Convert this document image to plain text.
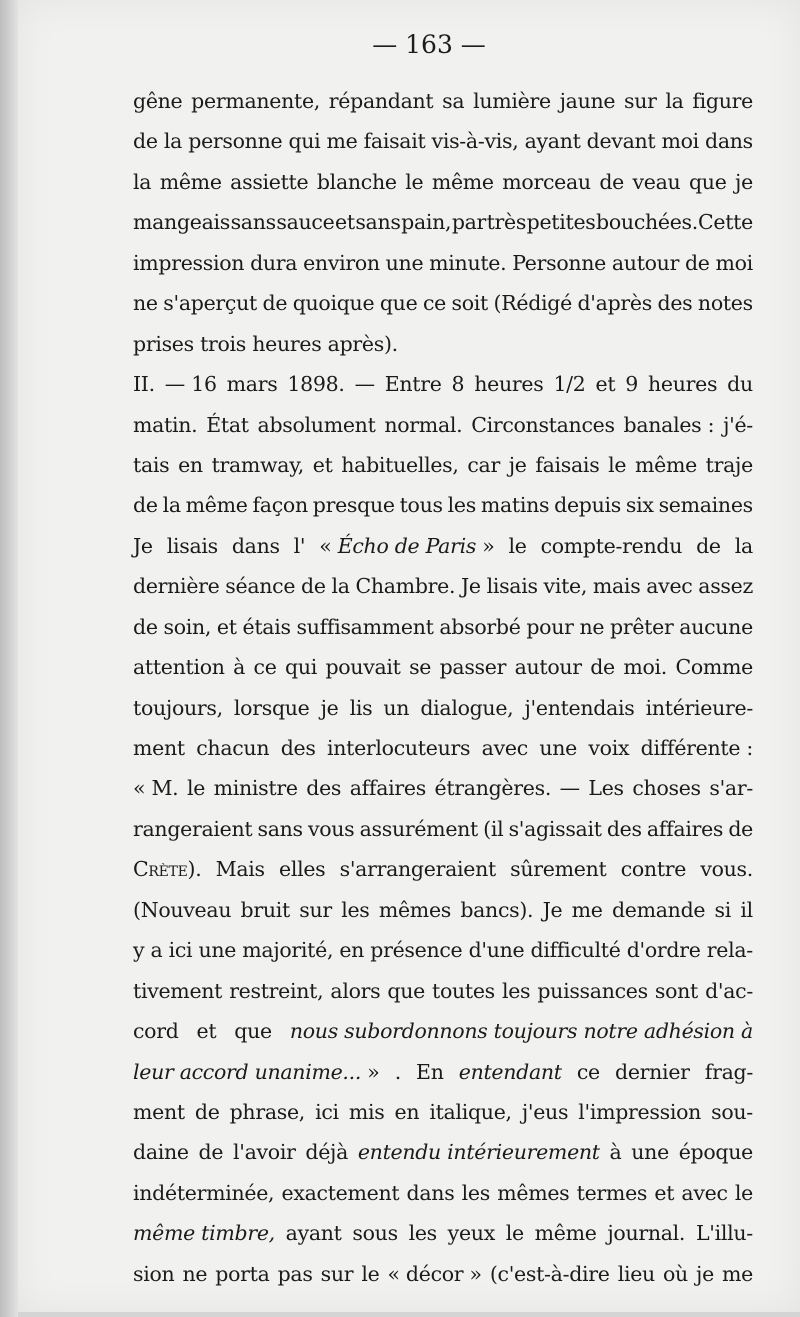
— 163 —
gêne permanente, répandant sa lumière jaune sur la figure
de la personne qui me faisait vis-à-vis, ayant devant moi dans
la même assiette blanche le même morceau de veau que je
mangeais sans sauce et sans pain, par très petites bouchées.Cette
impression dura environ une minute. Personne autour de moi
ne s'aperçut de quoique que ce soit (Rédigé d'après des notes
prises trois heures après).
II. — 16 mars 1898. — Entre 8 heures 1/2 et 9 heures du
matin. État absolument normal. Circonstances banales : j'é-
tais en tramway, et habituelles, car je faisais le même traje
de la même façon presque tous les matins depuis six semaines
Je lisais dans l' « Écho de Paris » le compte-rendu de la
dernière séance de la Chambre. Je lisais vite, mais avec assez
de soin, et étais suffisamment absorbé pour ne prêter aucune
attention à ce qui pouvait se passer autour de moi. Comme
toujours, lorsque je lis un dialogue, j'entendais intérieure-
ment chacun des interlocuteurs avec une voix différente :
« M. le ministre des affaires étrangères. — Les choses s'ar-
rangeraient sans vous assurément (il s'agissait des affaires de
Crète). Mais elles s'arrangeraient sûrement contre vous.
(Nouveau bruit sur les mêmes bancs). Je me demande si il
y a ici une majorité, en présence d'une difficulté d'ordre rela-
tivement restreint, alors que toutes les puissances sont d'ac-
cord et que nous subordonnons toujours notre adhésion à
leur accord unanime... » . En entendant ce dernier frag-
ment de phrase, ici mis en italique, j'eus l'impression sou-
daine de l'avoir déjà entendu intérieurement à une époque
indéterminée, exactement dans les mêmes termes et avec le
même timbre, ayant sous les yeux le même journal. L'illu-
sion ne porta pas sur le « décor » (c'est-à-dire lieu où je me
